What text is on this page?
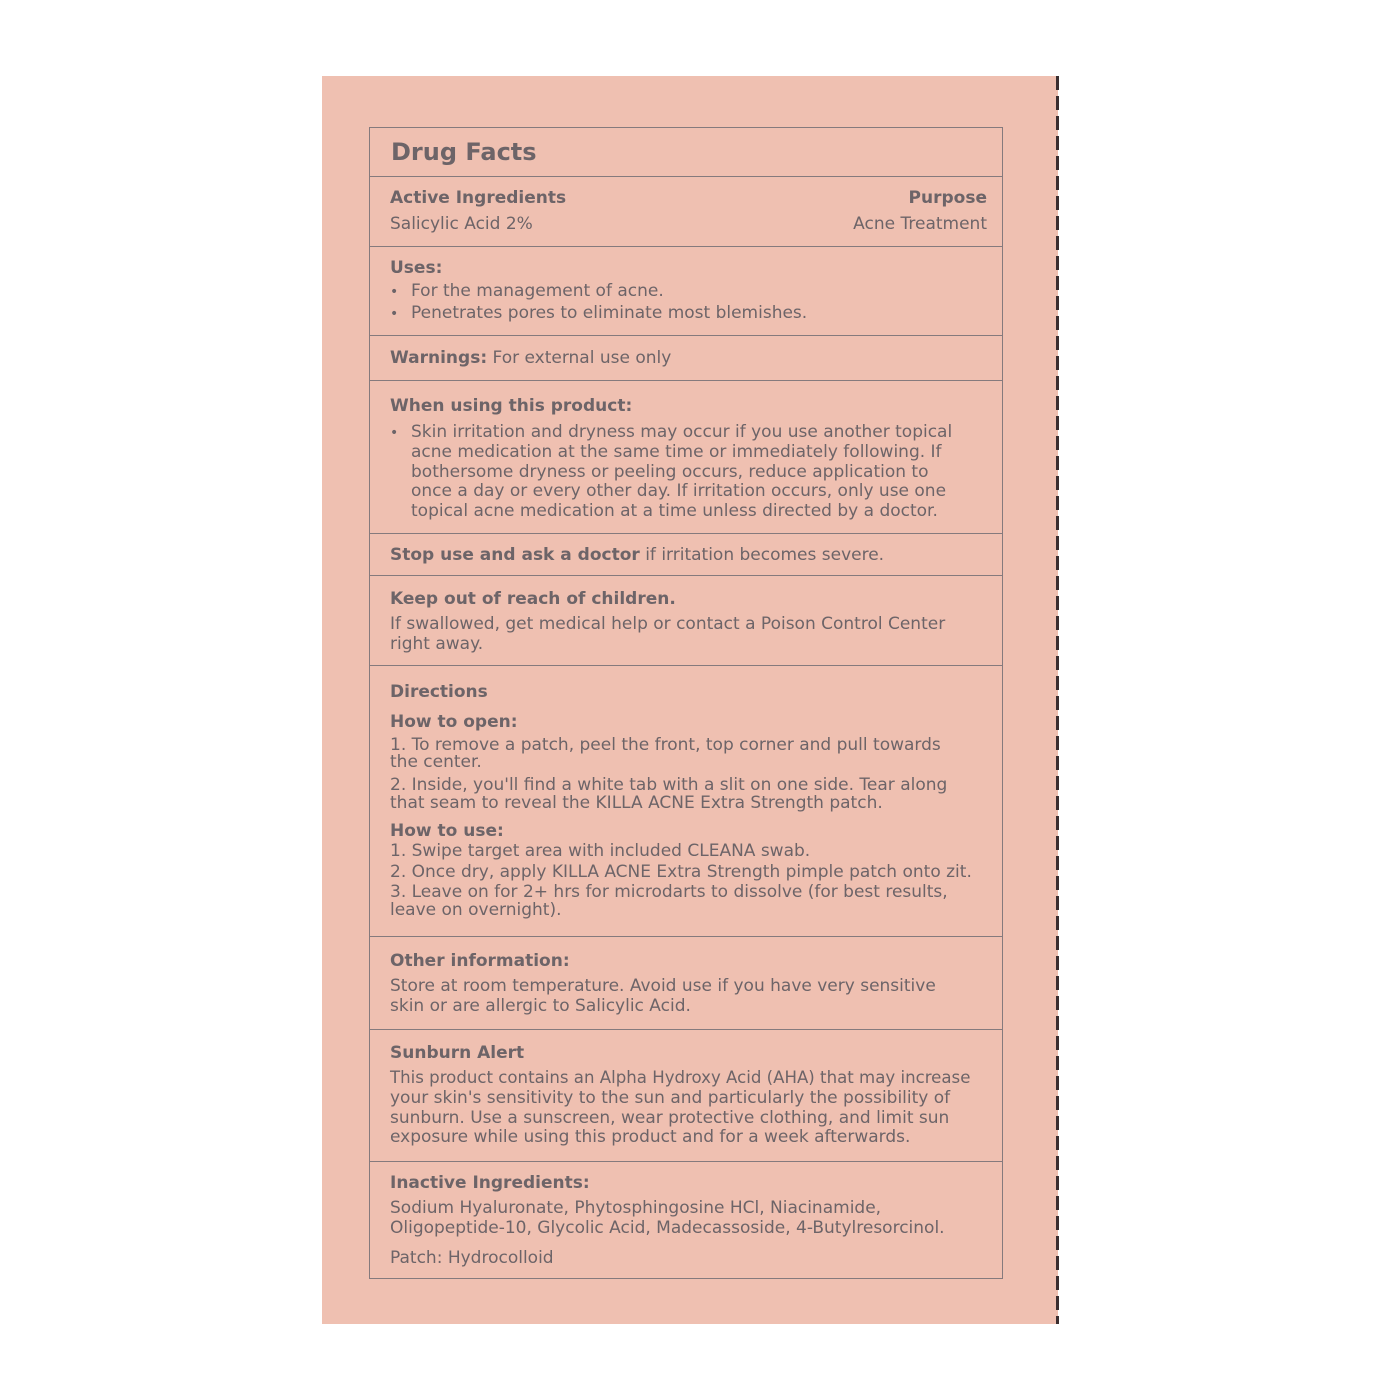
Drug Facts
Active Ingredients	Purpose
Salicylic Acid 2%	Acne Treatment
Uses:
• For the management of acne.
• Penetrates pores to eliminate most blemishes.
Warnings: For external use only
When using this product:
• Skin irritation and dryness may occur if you use another topical
acne medication at the same time or immediately following. If
bothersome dryness or peeling occurs, reduce application to
once a day or every other day. If irritation occurs, only use one
topical acne medication at a time unless directed by a doctor.
Stop use and ask a doctor if irritation becomes severe.
Keep out of reach of children.
If swallowed, get medical help or contact a Poison Control Center
right away.
Directions
How to open:
1. To remove a patch, peel the front, top corner and pull towards
the center.
2. Inside, you'll find a white tab with a slit on one side. Tear along
that seam to reveal the KILLA ACNE Extra Strength patch.
How to use:
1. Swipe target area with included CLEANA swab.
2. Once dry, apply KILLA ACNE Extra Strength pimple patch onto zit.
3. Leave on for 2+ hrs for microdarts to dissolve (for best results,
leave on overnight).
Other information:
Store at room temperature. Avoid use if you have very sensitive
skin or are allergic to Salicylic Acid.
Sunburn Alert
This product contains an Alpha Hydroxy Acid (AHA) that may increase
your skin's sensitivity to the sun and particularly the possibility of
sunburn. Use a sunscreen, wear protective clothing, and limit sun
exposure while using this product and for a week afterwards.
Inactive Ingredients:
Sodium Hyaluronate, Phytosphingosine HCl, Niacinamide,
Oligopeptide-10, Glycolic Acid, Madecassoside, 4-Butylresorcinol.
Patch: Hydrocolloid
